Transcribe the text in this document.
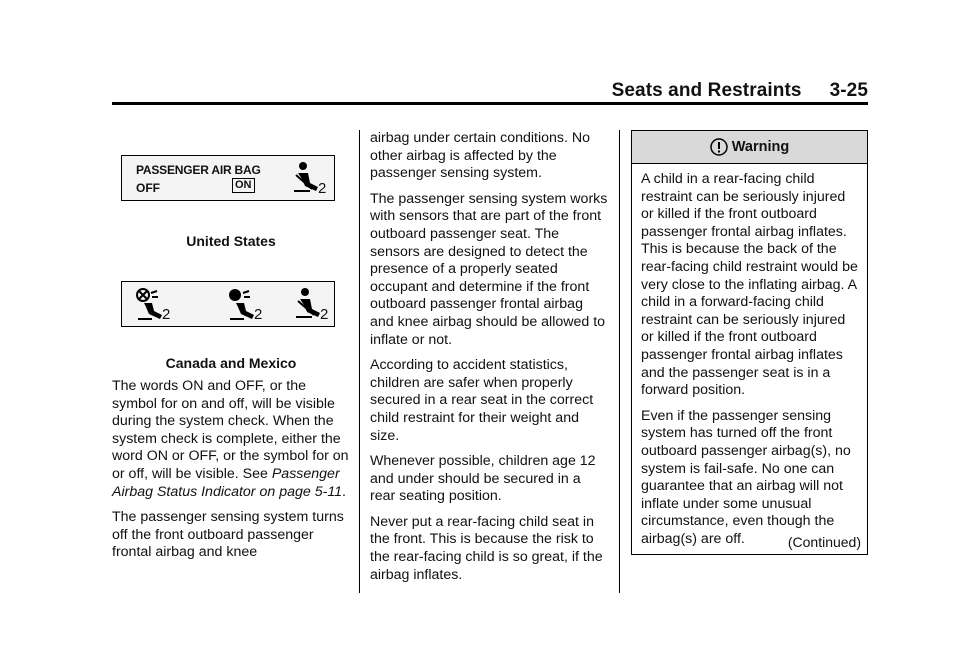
Seats and Restraints 3-25
PASSENGER AIR BAG
OFF	ON	2
United States
2	2	2
Canada and Mexico

The words ON and OFF, or the symbol for on and off, will be visible during the system check. When the system check is complete, either the word ON or OFF, or the symbol for on or off, will be visible. See Passenger Airbag Status Indicator on page 5-11.

The passenger sensing system turns off the front outboard passenger frontal airbag and knee

airbag under certain conditions. No other airbag is affected by the passenger sensing system.

The passenger sensing system works with sensors that are part of the front outboard passenger seat. The sensors are designed to detect the presence of a properly seated occupant and determine if the front outboard passenger frontal airbag and knee airbag should be allowed to inflate or not.

According to accident statistics, children are safer when properly secured in a rear seat in the correct child restraint for their weight and size.

Whenever possible, children age 12 and under should be secured in a rear seating position.

Never put a rear-facing child seat in the front. This is because the risk to the rear-facing child is so great, if the airbag inflates.

Warning

A child in a rear-facing child restraint can be seriously injured or killed if the front outboard passenger frontal airbag inflates. This is because the back of the rear-facing child restraint would be very close to the inflating airbag. A child in a forward-facing child restraint can be seriously injured or killed if the front outboard passenger frontal airbag inflates and the passenger seat is in a forward position.

Even if the passenger sensing system has turned off the front outboard passenger airbag(s), no system is fail-safe. No one can guarantee that an airbag will not inflate under some unusual circumstance, even though the airbag(s) are off.	(Continued)
